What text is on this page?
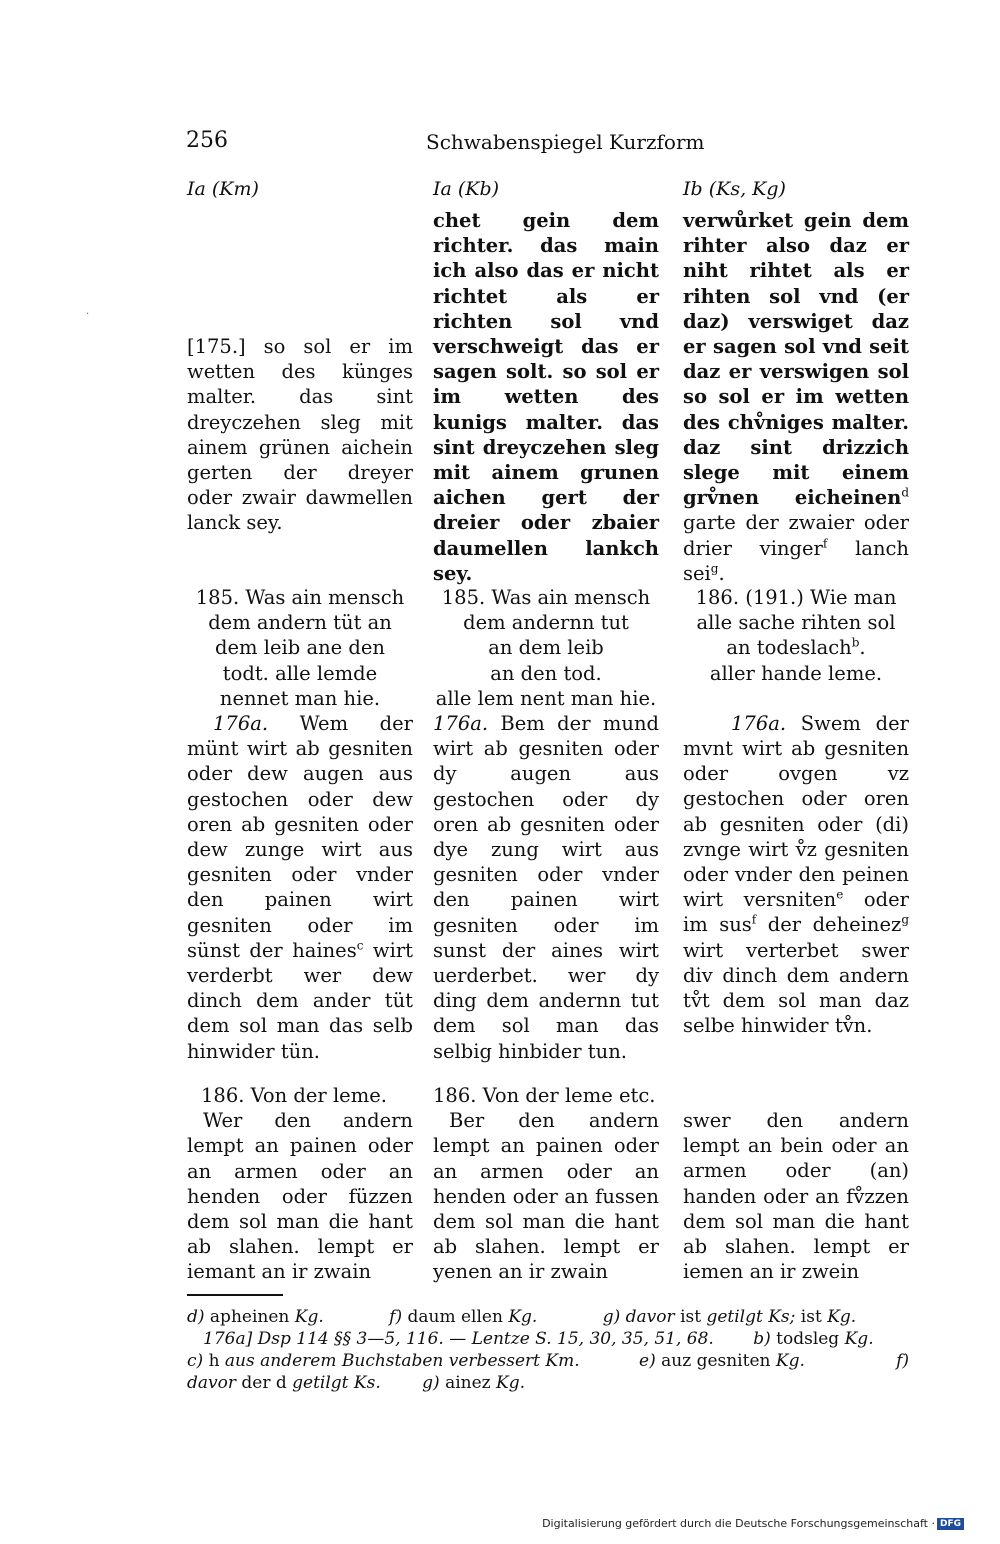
256	Schwabenspiegel Kurzform
·
Ia (Km)	Ia (Kb)	Ib (Ks, Kg)

[175.] so sol er im wetten des künges malter. das sint dreyczehen sleg mit ainem grünen aichein gerten der dreyer oder zwair dawmellen lanck sey.

chet gein dem richter. das main ich also das er nicht richtet als er richten sol vnd verschweigt das er sagen solt. so sol er im wetten des kunigs malter. das sint dreyczehen sleg mit ainem grunen aichen gert der dreier oder zbaier daumellen lankch sey.

verwůrket gein dem rihter also daz er niht rihtet als er rihten sol vnd (er daz) verswiget daz er sagen sol vnd seit daz er verswigen sol so sol er im wetten des chv̊niges malter. daz sint drizzich slege mit einem grv̊nen eicheinen$^d$ garte der zwaier oder drier vinger$^f$ lanch sei$^g$.

185. Was ain mensch
dem andern tüt an
dem leib ane den
todt. alle lemde
nennet man hie.

176a. Wem der münt wirt ab gesniten oder dew augen aus gestochen oder dew oren ab gesniten oder dew zunge wirt aus gesniten oder vnder den painen wirt gesniten oder im sünst der haines$^c$ wirt verderbt wer dew dinch dem ander tüt dem sol man das selb hinwider tün.

185. Was ain mensch
dem andernn tut
an dem leib
an den tod.
alle lem nent man hie.

176a. Bem der mund wirt ab gesniten oder dy augen aus gestochen oder dy oren ab gesniten oder dye zung wirt aus gesniten oder vnder den painen wirt gesniten oder im sunst der aines wirt uerderbet. wer dy ding dem andernn tut dem sol man das selbig hinbider tun.

186. (191.) Wie man
alle sache rihten sol
an todeslach$^b$.
aller hande leme.

176a. Swem der mvnt wirt ab gesniten oder ovgen vz gestochen oder oren ab gesniten oder (di) zvnge wirt v̊z gesniten oder vnder den peinen wirt versniten$^e$ oder im sus$^f$ der deheinez$^g$ wirt verterbet swer div dinch dem andern tv̊t dem sol man daz selbe hinwider tv̊n.

186. Von der leme.

Wer den andern lempt an painen oder an armen oder an henden oder füzzen dem sol man die hant ab slahen. lempt er iemant an ir zwain

186. Von der leme etc.

Ber den andern lempt an painen oder an armen oder an henden oder an fussen dem sol man die hant ab slahen. lempt er yenen an ir zwain

swer den andern lempt an bein oder an armen oder (an) handen oder an fv̊zzen dem sol man die hant ab slahen. lempt er iemen an ir zwein

d) apheinen Kg.	f) daum ellen Kg.	g) davor ist getilgt Ks; ist Kg.
176a] Dsp 114 §§ 3—5, 116. — Lentze S. 15, 30, 35, 51, 68. b) todsleg Kg.
c) h aus anderem Buchstaben verbessert Km.	e) auz gesniten Kg.	f)
davor der d getilgt Ks. g) ainez Kg.
Digitalisierung gefördert durch die Deutsche Forschungsgemeinschaft · DFG
